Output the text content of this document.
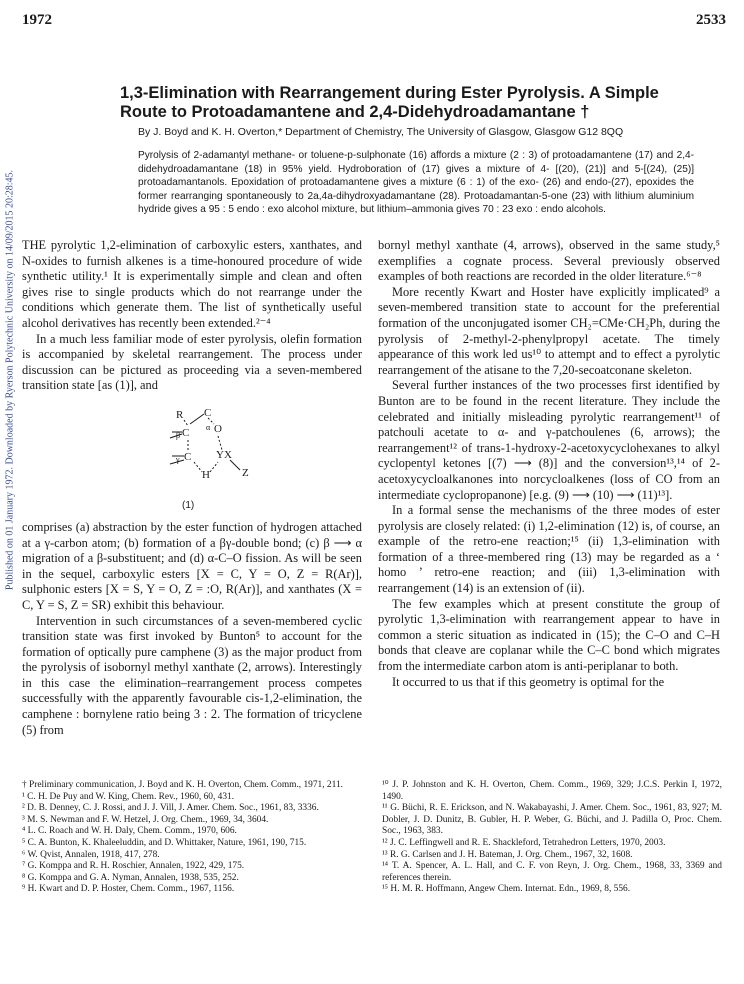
1972	2533
Published on 01 January 1972. Downloaded by Ryerson Polytechnic University on 14/09/2015 20:28:45.
1,3-Elimination with Rearrangement during Ester Pyrolysis. A Simple Route to Protoadamantene and 2,4-Didehydroadamantane †
By J. Boyd and K. H. Overton,* Department of Chemistry, The University of Glasgow, Glasgow G12 8QQ
Pyrolysis of 2-adamantyl methane- or toluene-p-sulphonate (16) affords a mixture (2 : 3) of protoadamantene (17) and 2,4-didehydroadamantane (18) in 95% yield. Hydroboration of (17) gives a mixture of 4- [(20), (21)] and 5-[(24), (25)] protoadamantanols. Epoxidation of protoadamantene gives a mixture (6 : 1) of the exo- (26) and endo-(27), epoxides the former rearranging spontaneously to 2a,4a-dihydroxyadamantane (28). Protoadamantan-5-one (23) with lithium aluminium hydride gives a 95 : 5 endo : exo alcohol mixture, but lithium–ammonia gives 70 : 23 exo : endo alcohols.

THE pyrolytic 1,2-elimination of carboxylic esters, xanthates, and N-oxides to furnish alkenes is a time-honoured procedure of wide synthetic utility.¹ It is experimentally simple and clean and often gives rise to single products which do not rearrange under the conditions which generate them. The list of synthetically useful alcohol derivatives has recently been extended.²⁻⁴

In a much less familiar mode of ester pyrolysis, olefin formation is accompanied by skeletal rearrangement. The process under discussion can be pictured as proceeding via a seven-membered transition state [as (1)], and

R
C
β
C
γ
H
O
α
C
X
Y
Z
(1)

comprises (a) abstraction by the ester function of hydrogen attached at a γ-carbon atom; (b) formation of a βγ-double bond; (c) β ⟶ α migration of a β-substituent; and (d) α-C–O fission. As will be seen in the sequel, carboxylic esters [X = C, Y = O, Z = R(Ar)], sulphonic esters [X = S, Y = O, Z = :O, R(Ar)], and xanthates (X = C, Y = S, Z = SR) exhibit this behaviour.

Intervention in such circumstances of a seven-membered cyclic transition state was first invoked by Bunton⁵ to account for the formation of optically pure camphene (3) as the major product from the pyrolysis of isobornyl methyl xanthate (2, arrows). Interestingly in this case the elimination–rearrangement process competes successfully with the apparently favourable cis-1,2-elimination, the camphene : bornylene ratio being 3 : 2. The formation of tricyclene (5) from

bornyl methyl xanthate (4, arrows), observed in the same study,⁵ exemplifies a cognate process. Several previously observed examples of both reactions are recorded in the older literature.⁶⁻⁸

More recently Kwart and Hoster have explicitly implicated⁹ a seven-membered transition state to account for the preferential formation of the unconjugated isomer CH₂=CMe·CH₂Ph, during the pyrolysis of 2-methyl-2-phenylpropyl acetate. The timely appearance of this work led us¹⁰ to attempt and to effect a pyrolytic rearrangement of the atisane to the 7,20-secoatconane skeleton.

Several further instances of the two processes first identified by Bunton are to be found in the recent literature. They include the celebrated and initially misleading pyrolytic rearrangement¹¹ of patchouli acetate to α- and γ-patchoulenes (6, arrows); the rearrangement¹² of trans-1-hydroxy-2-acetoxycyclohexanes to alkyl cyclopentyl ketones [(7) ⟶ (8)] and the conversion¹³,¹⁴ of 2-acetoxycycloalkanones into norcycloalkenes (loss of CO from an intermediate cyclopropanone) [e.g. (9) ⟶ (10) ⟶ (11)¹³].

In a formal sense the mechanisms of the three modes of ester pyrolysis are closely related: (i) 1,2-elimination (12) is, of course, an example of the retro-ene reaction;¹⁵ (ii) 1,3-elimination with formation of a three-membered ring (13) may be regarded as a ‘ homo ’ retro-ene reaction; and (iii) 1,3-elimination with rearrangement (14) is an extension of (ii).

The few examples which at present constitute the group of pyrolytic 1,3-elimination with rearrangement appear to have in common a steric situation as indicated in (15); the C–O and C–H bonds that cleave are coplanar while the C–C bond which migrates from the intermediate carbon atom is anti-periplanar to both.

It occurred to us that if this geometry is optimal for the

† Preliminary communication, J. Boyd and K. H. Overton, Chem. Comm., 1971, 211.
¹ C. H. De Puy and W. King, Chem. Rev., 1960, 60, 431.
² D. B. Denney, C. J. Rossi, and J. J. Vill, J. Amer. Chem. Soc., 1961, 83, 3336.
³ M. S. Newman and F. W. Hetzel, J. Org. Chem., 1969, 34, 3604.
⁴ L. C. Roach and W. H. Daly, Chem. Comm., 1970, 606.
⁵ C. A. Bunton, K. Khaleeluddin, and D. Whittaker, Nature, 1961, 190, 715.
⁶ W. Qvist, Annalen, 1918, 417, 278.
⁷ G. Komppa and R. H. Roschier, Annalen, 1922, 429, 175.
⁸ G. Komppa and G. A. Nyman, Annalen, 1938, 535, 252.
⁹ H. Kwart and D. P. Hoster, Chem. Comm., 1967, 1156.
¹⁰ J. P. Johnston and K. H. Overton, Chem. Comm., 1969, 329; J.C.S. Perkin I, 1972, 1490.
¹¹ G. Büchi, R. E. Erickson, and N. Wakabayashi, J. Amer. Chem. Soc., 1961, 83, 927; M. Dobler, J. D. Dunitz, B. Gubler, H. P. Weber, G. Büchi, and J. Padilla O, Proc. Chem. Soc., 1963, 383.
¹² J. C. Leffingwell and R. E. Shackleford, Tetrahedron Letters, 1970, 2003.
¹³ R. G. Carlsen and J. H. Bateman, J. Org. Chem., 1967, 32, 1608.
¹⁴ T. A. Spencer, A. L. Hall, and C. F. von Reyn, J. Org. Chem., 1968, 33, 3369 and references therein.
¹⁵ H. M. R. Hoffmann, Angew Chem. Internat. Edn., 1969, 8, 556.
